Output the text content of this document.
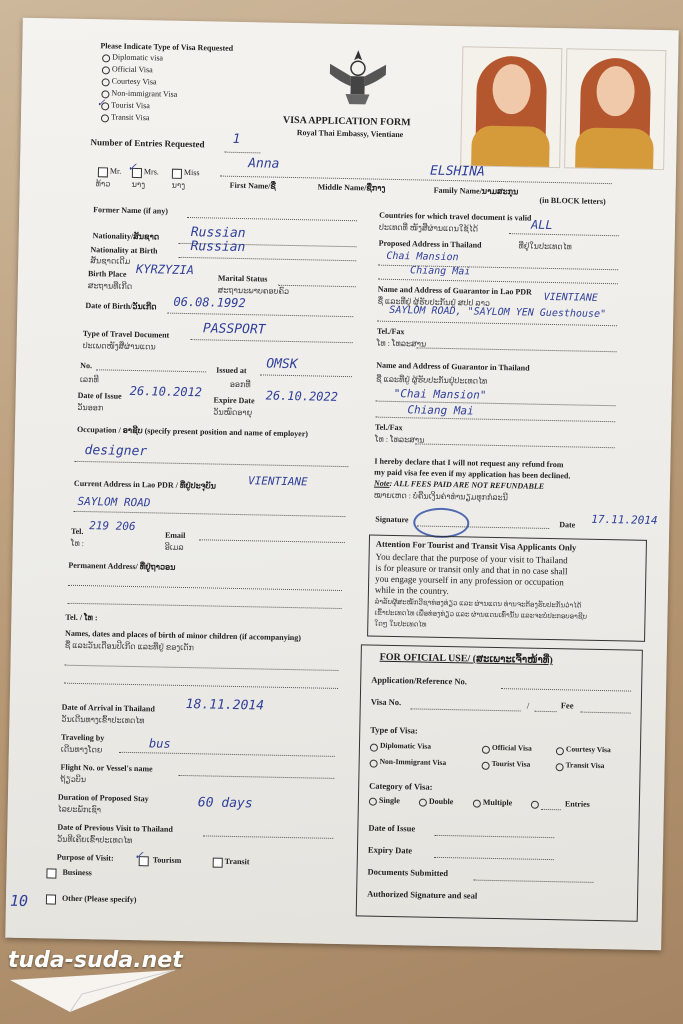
Please Indicate Type of Visa Requested
Diplomatic visa
Official Visa
Courtesy Visa
Non-immigrant Visa
✓ Tourist Visa
Transit Visa	VISA APPLICATION FORM
Royal Thai Embassy, Vientiane
Number of Entries Requested 1
Mr. ✓ Mrs.	Miss
ທ້າວ	ນາງ	ນາງ
Anna	ELSHINA
First Name/ຊື່	Middle Name/ຊື່ກາງ	Family Name/ນາມສະກຸນ
(in BLOCK letters)
Former Name (if any)
Nationality/ສັນຊາດ Russian
Nationality at Birth	Russian
ສັນຊາດເດີມ
Birth Place KYRZYZIA
Marital Status
ສະຖານທີ່ເກີດ	ສະຖານະພາບຄອບຄົວ
Date of Birth/ວັນເກີດ 06.08.1992
Type of Travel Document	PASSPORT
ປະເພດໜັງສືຜ່ານແດນ
No.	Issued at OMSK
ເລກທີ
ອອກທີ່
Date of Issue 26.10.2012
Expire Date 26.10.2022
ວັນອອກ	ວັນໝົດອາຍຸ
Occupation / ອາຊີບ (specify present position and name of employer)
designer
Current Address in Lao PDR / ທີ່ຢູ່ປະຈຸບັນ	VIENTIANE
SAYLOM ROAD
Tel. 219 206
Email
ໂທ :	ອີເມລ
Permanent Address/ ທີ່ຢູ່ຖາວອນ
Tel. / ໂທ :
Names, dates and places of birth of minor children (if accompanying)
ຊື່ ແລະວັນເດືອນປີເກີດ ແລະທີ່ຢູ່ ຂອງເດັກ
Date of Arrival in Thailand 18.11.2014
ວັນເດີນທາງເຂົ້າປະເທດໄທ
Traveling by	bus
ເດີນທາງໂດຍ
Flight No. or Vessel's name
ຖ້ຽວບິນ
Duration of Proposed Stay	60 days
ໄລຍະພັກເຊົາ
Date of Previous Visit to Thailand
ວັນທີເຄີຍເຂົ້າປະເທດໄທ
Purpose of Visit: ✓ Tourism	Transit
Business
Other (Please specify)
10
Countries for which travel document is valid
ປະເທດທີ່ ໜັງສືຜ່ານແດນໃຊ້ໄດ້	ALL
Proposed Address in Thailand	ທີ່ຢູ່ໃນປະເທດໄທ
Chai Mansion
Chiang Mai
Name and Address of Guarantor in Lao PDR
ຊື່ ແລະທີ່ຢູ່ ຜູ້ຮັບປະກັນຢູ່ ສປປ ລາວ	VIENTIANE
SAYLOM ROAD, "SAYLOM YEN Guesthouse"
Tel./Fax
ໂທ : ໂທລະສານ
Name and Address of Guarantor in Thailand
ຊື່ ແລະທີ່ຢູ່ ຜູ້ຮັບປະກັນຢູ່ປະເທດໄທ
"Chai Mansion"
Chiang Mai
Tel./Fax
ໂທ : ໂທລະສານ
I hereby declare that I will not request any refund from
my paid visa fee even if my application has been declined.
Note: ALL FEES PAID ARE NOT REFUNDABLE
ໝາຍເຫດ : ບໍ່ຄືນເງິນຄ່າທຳນຽມທຸກກໍລະນີ
Signature
Date 17.11.2014
Attention For Tourist and Transit Visa Applicants Only
You declare that the purpose of your visit to Thailand
is for pleasure or transit only and that in no case shall
you engage yourself in any profession or occupation
while in the country.
ລໍາລັບຜູ້ສະໝັກວີຊາທ່ອງທ່ຽວ ແລະ ຜ່ານແດນ ທ່ານຈະຕ້ອງຮັບປະກັນວ່າໄດ້
ເຂົ້າປະເທດໄທ ເພື່ອທ່ອງທ່ຽວ ແລະ ຜ່ານແດນເທົ່ານັ້ນ ແລະຈະບໍ່ປະກອບອາຊີບ
ໃດໆ ໃນປະເທດໄທ
FOR OFICIAL USE/ (ສະເພາະເຈົ້າໜ້າທີ່)
Application/Reference No.
Visa No.	/	Fee
Type of Visa:
Diplomatic Visa	Official Visa	Courtesy Visa
Non-Immigrant Visa	Tourist Visa	Transit Visa
Category of Visa:
Single	Double	Multiple	Entries
Date of Issue
Expiry Date
Documents Submitted
Authorized Signature and seal
tuda-suda.net
